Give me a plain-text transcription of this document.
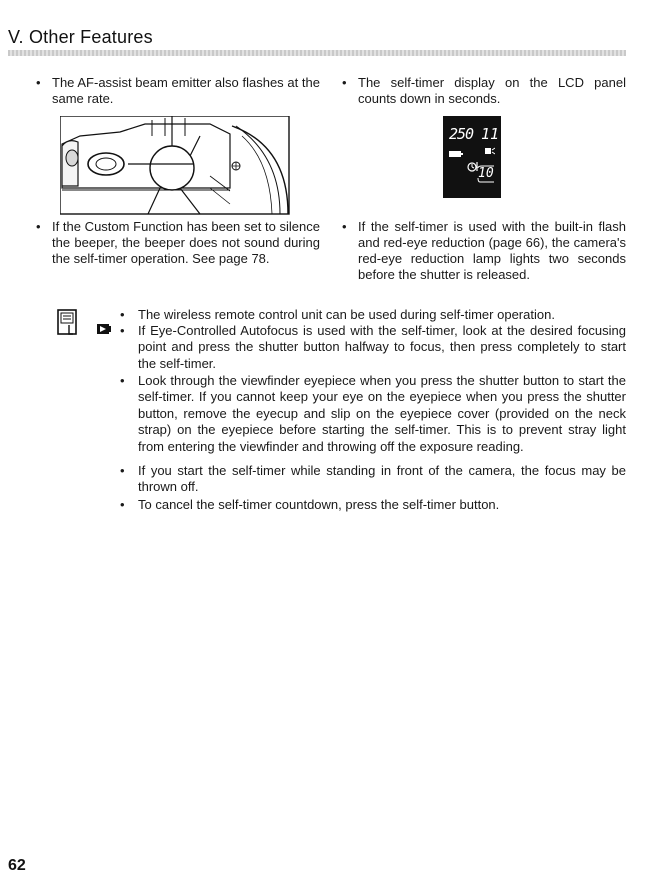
V. Other Features
• The AF-assist beam emitter also flashes at the same rate.
• If the Custom Function has been set to silence the beeper, the beeper does not sound during the self-timer operation. See page 78.
• The self-timer display on the LCD panel counts down in seconds.
250 11
10
• If the self-timer is used with the built-in flash and red-eye reduction (page 66), the camera's red-eye reduction lamp lights two seconds before the shutter is released.
• The wireless remote control unit can be used during self-timer operation.
• If Eye-Controlled Autofocus is used with the self-timer, look at the desired focusing point and press the shutter button halfway to focus, then press completely to start the self-timer.
• Look through the viewfinder eyepiece when you press the shutter button to start the self-timer. If you cannot keep your eye on the eyepiece when you press the shutter button, remove the eyecup and slip on the eyepiece cover (provided on the neck strap) on the eyepiece before starting the self-timer. This is to prevent stray light from entering the viewfinder and throwing off the exposure reading.
• If you start the self-timer while standing in front of the camera, the focus may be thrown off.
• To cancel the self-timer countdown, press the self-timer button.
62
